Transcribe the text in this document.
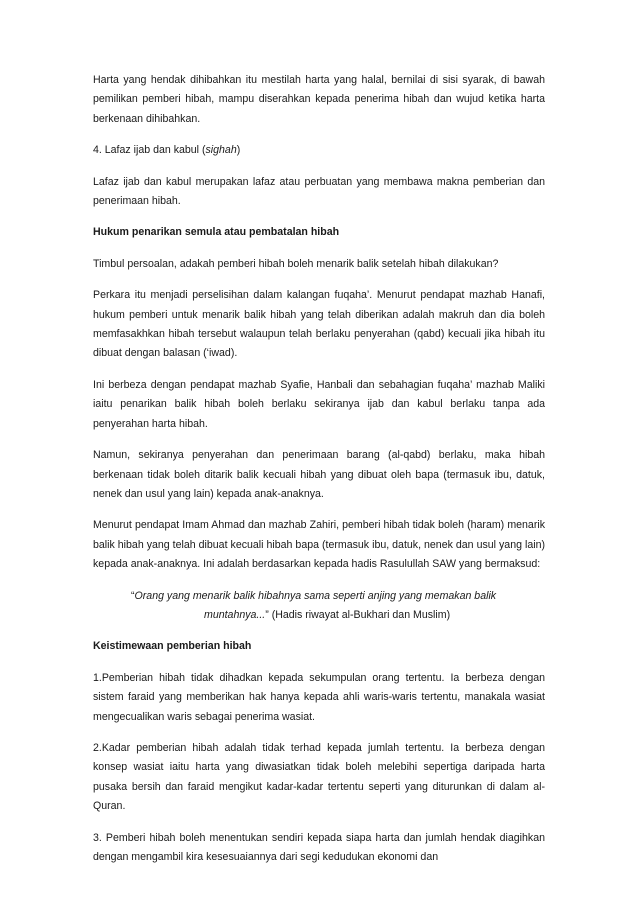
Harta yang hendak dihibahkan itu mestilah harta yang halal, bernilai di sisi syarak, di bawah pemilikan pemberi hibah, mampu diserahkan kepada penerima hibah dan wujud ketika harta berkenaan dihibahkan.

4. Lafaz ijab dan kabul (sighah)

Lafaz ijab dan kabul merupakan lafaz atau perbuatan yang membawa makna pemberian dan penerimaan hibah.

Hukum penarikan semula atau pembatalan hibah

Timbul persoalan, adakah pemberi hibah boleh menarik balik setelah hibah dilakukan?

Perkara itu menjadi perselisihan dalam kalangan fuqaha’. Menurut pendapat mazhab Hanafi, hukum pemberi untuk menarik balik hibah yang telah diberikan adalah makruh dan dia boleh memfasakhkan hibah tersebut walaupun telah berlaku penyerahan (qabd) kecuali jika hibah itu dibuat dengan balasan (‘iwad).

Ini berbeza dengan pendapat mazhab Syafie, Hanbali dan sebahagian fuqaha’ mazhab Maliki iaitu penarikan balik hibah boleh berlaku sekiranya ijab dan kabul berlaku tanpa ada penyerahan harta hibah.

Namun, sekiranya penyerahan dan penerimaan barang (al-qabd) berlaku, maka hibah berkenaan tidak boleh ditarik balik kecuali hibah yang dibuat oleh bapa (termasuk ibu, datuk, nenek dan usul yang lain) kepada anak-anaknya.

Menurut pendapat Imam Ahmad dan mazhab Zahiri, pemberi hibah tidak boleh (haram) menarik balik hibah yang telah dibuat kecuali hibah bapa (termasuk ibu, datuk, nenek dan usul yang lain) kepada anak-anaknya. Ini adalah berdasarkan kepada hadis Rasulullah SAW yang bermaksud:

“Orang yang menarik balik hibahnya sama seperti anjing yang memakan balik
muntahnya...” (Hadis riwayat al-Bukhari dan Muslim)

Keistimewaan pemberian hibah

1.Pemberian hibah tidak dihadkan kepada sekumpulan orang tertentu. Ia berbeza dengan sistem faraid yang memberikan hak hanya kepada ahli waris-waris tertentu, manakala wasiat mengecualikan waris sebagai penerima wasiat.

2.Kadar pemberian hibah adalah tidak terhad kepada jumlah tertentu. Ia berbeza dengan konsep wasiat iaitu harta yang diwasiatkan tidak boleh melebihi sepertiga daripada harta pusaka bersih dan faraid mengikut kadar-kadar tertentu seperti yang diturunkan di dalam al-Quran.

3. Pemberi hibah boleh menentukan sendiri kepada siapa harta dan jumlah hendak diagihkan dengan mengambil kira kesesuaiannya dari segi kedudukan ekonomi dan
